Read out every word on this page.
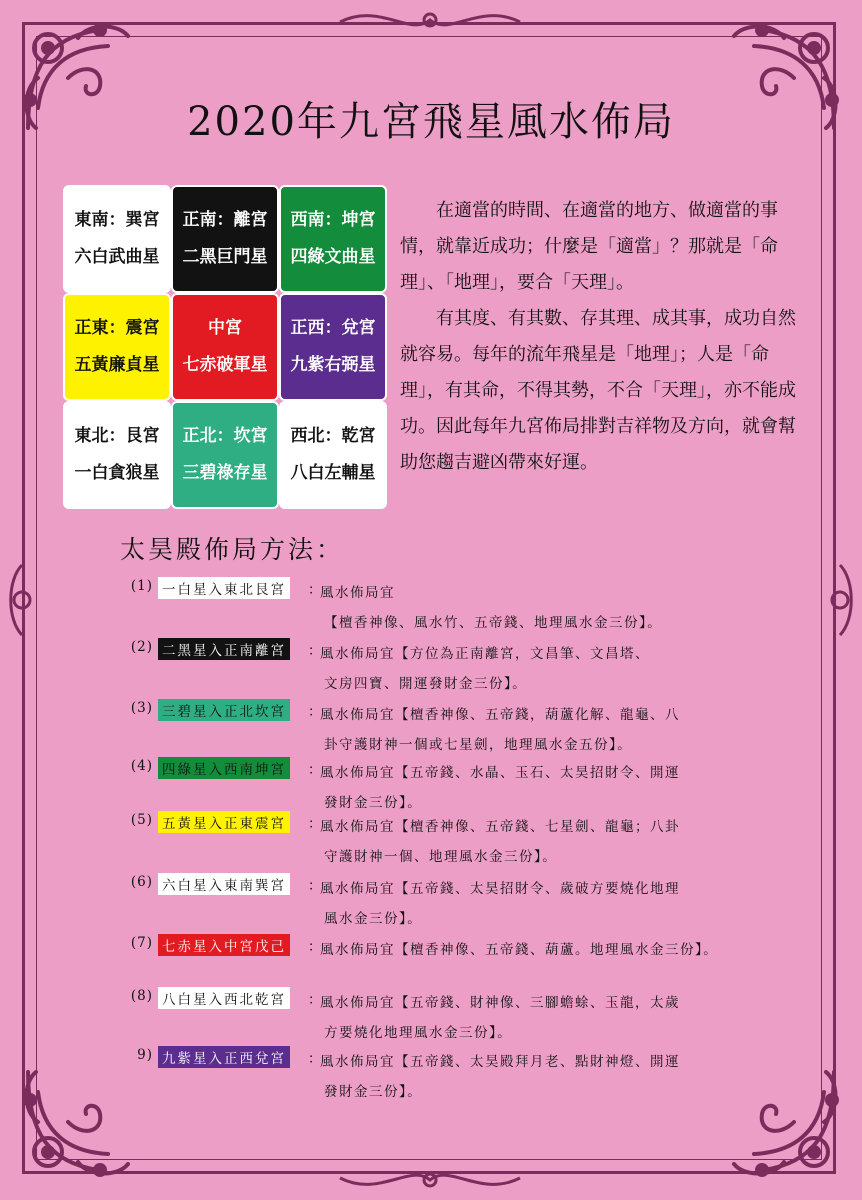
2020年九宮飛星風水佈局
東南：巽宮
六白武曲星
正南：離宮
二黑巨門星
西南：坤宮
四綠文曲星
正東：震宮
五黃廉貞星
中宮
七赤破軍星
正西：兌宮
九紫右弼星
東北：艮宮
一白貪狼星
正北：坎宮
三碧祿存星
西北：乾宮
八白左輔星

在適當的時間、在適當的地方、做適當的事情，就靠近成功；什麼是「適當」？那就是「命理」、「地理」，要合「天理」。

有其度、有其數、存其理、成其事，成功自然就容易。每年的流年飛星是「地理」；人是「命理」，有其命，不得其勢，不合「天理」，亦不能成功。因此每年九宮佈局排對吉祥物及方向，就會幫助您趨吉避凶帶來好運。

太昊殿佈局方法：
(1) 一白星入東北艮宮 ：
風水佈局宜
【檀香神像、風水竹、五帝錢、地理風水金三份】。
(2) 二黑星入正南離宮 ：
風水佈局宜【方位為正南離宮，文昌筆、文昌塔、
文房四寶、開運發財金三份】。
(3) 三碧星入正北坎宮 ：
風水佈局宜【檀香神像、五帝錢，葫蘆化解、龍龜、八
卦守護財神一個或七星劍，地理風水金五份】。
(4) 四綠星入西南坤宮 ：
風水佈局宜【五帝錢、水晶、玉石、太昊招財令、開運
發財金三份】。
(5) 五黃星入正東震宮 ：
風水佈局宜【檀香神像、五帝錢、七星劍、龍龜；八卦
守護財神一個、地理風水金三份】。
(6) 六白星入東南巽宮 ：
風水佈局宜【五帝錢、太昊招財令、歲破方要燒化地理
風水金三份】。
(7) 七赤星入中宮戊己 ：
風水佈局宜【檀香神像、五帝錢、葫蘆。地理風水金三份】。
(8) 八白星入西北乾宮 ：
風水佈局宜【五帝錢、財神像、三腳蟾蜍、玉龍，太歲
方要燒化地理風水金三份】。
9) 九紫星入正西兌宮 ：
風水佈局宜【五帝錢、太昊殿拜月老、點財神燈、開運
發財金三份】。
